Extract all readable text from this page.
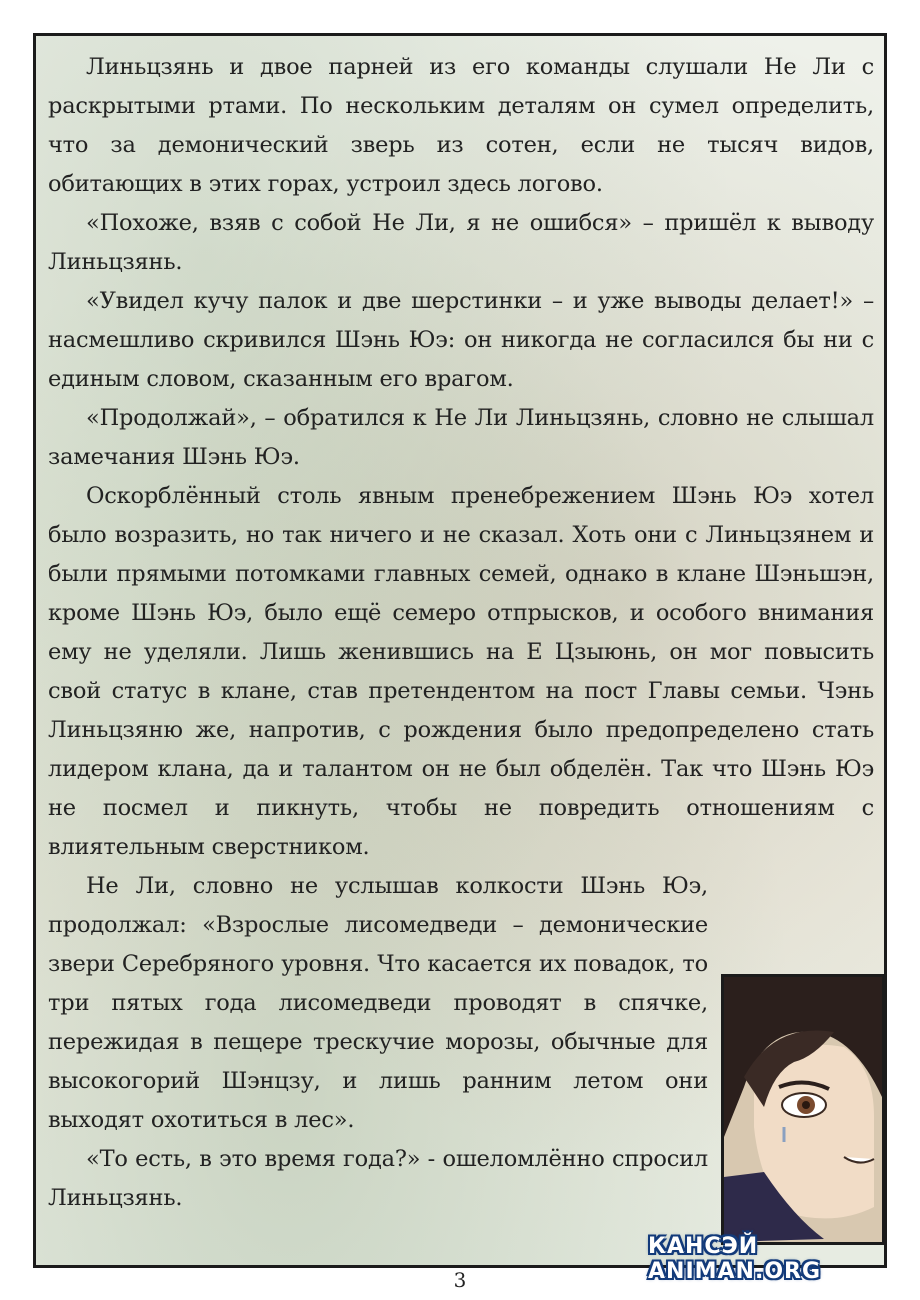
Линьцзянь и двое парней из его команды слушали Не Ли с раскрытыми ртами. По нескольким деталям он сумел определить, что за демонический зверь из сотен, если не тысяч видов, обитающих в этих горах, устроил здесь логово.

«Похоже, взяв с собой Не Ли, я не ошибся» – пришёл к выводу Линьцзянь.

«Увидел кучу палок и две шерстинки – и уже выводы делает!» – насмешливо скривился Шэнь Юэ: он никогда не согласился бы ни с единым словом, сказанным его врагом.

«Продолжай», – обратился к Не Ли Линьцзянь, словно не слышал замечания Шэнь Юэ.

Оскорблённый столь явным пренебрежением Шэнь Юэ хотел было возразить, но так ничего и не сказал. Хоть они с Линьцзянем и были прямыми потомками главных семей, однако в клане Шэньшэн, кроме Шэнь Юэ, было ещё семеро отпрысков, и особого внимания ему не уделяли. Лишь женившись на Е Цзыюнь, он мог повысить свой статус в клане, став претендентом на пост Главы семьи. Чэнь Линьцзяню же, напротив, с рождения было предопределено стать лидером клана, да и талантом он не был обделён. Так что Шэнь Юэ не посмел и пикнуть, чтобы не повредить отношениям с влиятельным сверстником.

Не Ли, словно не услышав колкости Шэнь Юэ, продолжал: «Взрослые лисомедведи – демонические звери Серебряного уровня. Что касается их повадок, то три пятых года лисомедведи проводят в спячке, пережидая в пещере трескучие морозы, обычные для высокогорий Шэнцзу, и лишь ранним летом они выходят охотиться в лес».

«То есть, в это время года?» - ошеломлённо спросил Линьцзянь.

КАНСЭЙ ANIMAN.ORG
3
